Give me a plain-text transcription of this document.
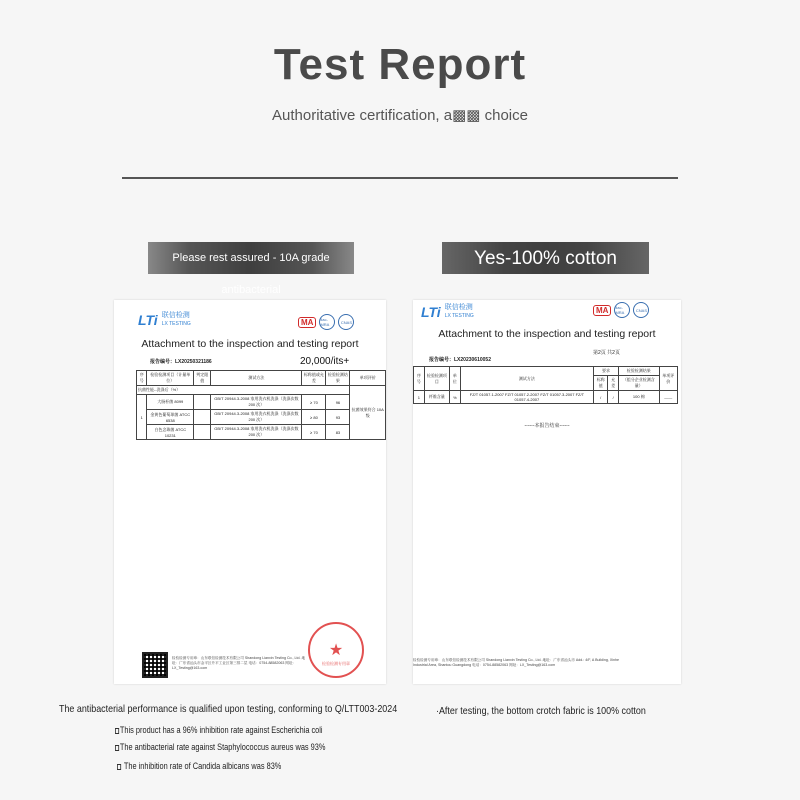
Test Report
Authoritative certification, a▩▩ choice
Please rest assured - 10A grade antibacterial
Yes-100% cotton
LTi 联信检测
LX TESTING	MA	ilac-MRA	CNAS
Attachment to the inspection and testing report
报告编号：LX20250321186	20,000/its+
序号	检验检测项目（计量单位）	判定限值	测试方法	标称值或允差	检验检测结果	单项评价
抗菌性能--洗涤后（%）						抗菌效果符合 10A 级
1	大肠杆菌 8099		GB/T 20944.3-2008 家用洗衣机洗涤（洗涤次数 200 次）	≥ 70	96	
	金黄色葡萄球菌 ATCC 6538		GB/T 20944.3-2008 家用洗衣机洗涤（洗涤次数 200 次）	≥ 80	93	
	白色念珠菌 ATCC 10231		GB/T 20944.3-2008 家用洗衣机洗涤（洗涤次数 200 次）	≥ 70	83	
检验检测专用章：山东联信检测技术有限公司 Shandong Lianxin Testing Co., Ltd. 地址：广东省汕头市金平区升平工业区第三排二层 电话：0754-88582063 网址：LX_Testing@163.com
★
检验检测专用章
LTi 联信检测
LX TESTING
MA	ilac-MRA	CNAS
Attachment to the inspection and testing report
第2页 共2页
报告编号：LX20230610052
序号	检验检测项目	单位	测试方法	要求		检验检测结果	单项评价
				标称值	允差	（组分企业检测含量）	
1	纤维含量	%	FZ/T 01057.1-2007 FZ/T 01057.2-2007 FZ/T 01057.3-2007 FZ/T 01057.4-2007	/	/	100 棉	——
------本报告结束------
检验检测专用章：山东联信检测技术有限公司 Shandong Lianxin Testing Co., Ltd. 地址：广东省汕头市 Add.: 4/F, A Building, Xinhe Industrial Area, Shantou Guangdong 电话：0754-88582063 网址：LX_Testing@163.com
The antibacterial performance is qualified upon testing, conforming to Q/LTT003-2024
This product has a 96% inhibition rate against Escherichia coli
The antibacterial rate against Staphylococcus aureus was 93%
The inhibition rate of Candida albicans was 83%
·After testing, the bottom crotch fabric is 100% cotton
